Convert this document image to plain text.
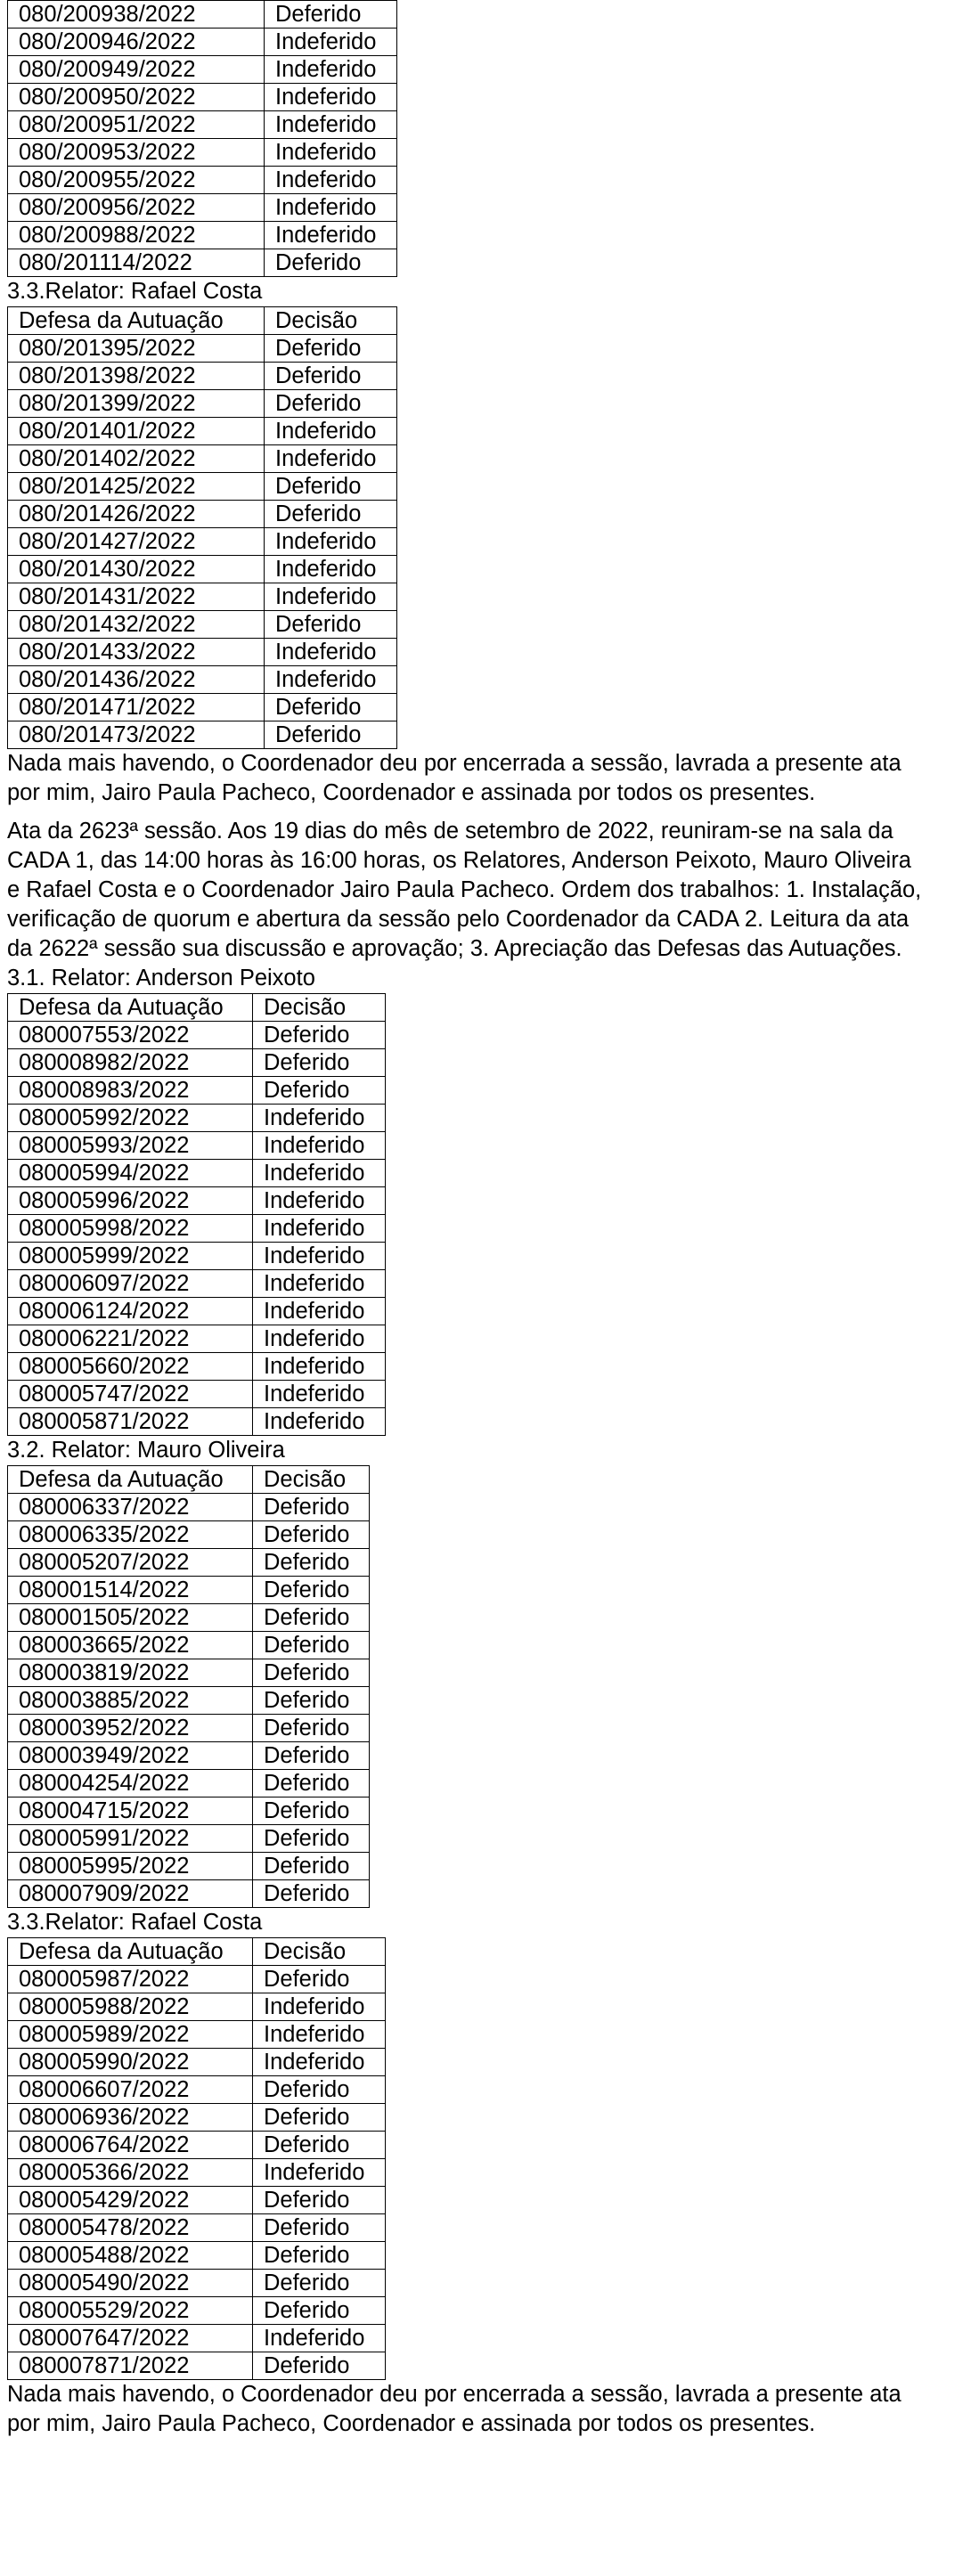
080/200938/2022	Deferido
080/200946/2022	Indeferido
080/200949/2022	Indeferido
080/200950/2022	Indeferido
080/200951/2022	Indeferido
080/200953/2022	Indeferido
080/200955/2022	Indeferido
080/200956/2022	Indeferido
080/200988/2022	Indeferido
080/201114/2022	Deferido
3.3.Relator: Rafael Costa
Defesa da Autuação	Decisão
080/201395/2022	Deferido
080/201398/2022	Deferido
080/201399/2022	Deferido
080/201401/2022	Indeferido
080/201402/2022	Indeferido
080/201425/2022	Deferido
080/201426/2022	Deferido
080/201427/2022	Indeferido
080/201430/2022	Indeferido
080/201431/2022	Indeferido
080/201432/2022	Deferido
080/201433/2022	Indeferido
080/201436/2022	Indeferido
080/201471/2022	Deferido
080/201473/2022	Deferido
Nada mais havendo, o Coordenador deu por encerrada a sessão, lavrada a presente ata
por mim, Jairo Paula Pacheco, Coordenador e assinada por todos os presentes.
Ata da 2623ª sessão. Aos 19 dias do mês de setembro de 2022, reuniram-se na sala da
CADA 1, das 14:00 horas às 16:00 horas, os Relatores, Anderson Peixoto, Mauro Oliveira
e Rafael Costa e o Coordenador Jairo Paula Pacheco. Ordem dos trabalhos: 1. Instalação,
verificação de quorum e abertura da sessão pelo Coordenador da CADA 2. Leitura da ata
da 2622ª sessão sua discussão e aprovação; 3. Apreciação das Defesas das Autuações.
3.1. Relator: Anderson Peixoto
Defesa da Autuação	Decisão
080007553/2022	Deferido
080008982/2022	Deferido
080008983/2022	Deferido
080005992/2022	Indeferido
080005993/2022	Indeferido
080005994/2022	Indeferido
080005996/2022	Indeferido
080005998/2022	Indeferido
080005999/2022	Indeferido
080006097/2022	Indeferido
080006124/2022	Indeferido
080006221/2022	Indeferido
080005660/2022	Indeferido
080005747/2022	Indeferido
080005871/2022	Indeferido
3.2. Relator: Mauro Oliveira
Defesa da Autuação	Decisão
080006337/2022	Deferido
080006335/2022	Deferido
080005207/2022	Deferido
080001514/2022	Deferido
080001505/2022	Deferido
080003665/2022	Deferido
080003819/2022	Deferido
080003885/2022	Deferido
080003952/2022	Deferido
080003949/2022	Deferido
080004254/2022	Deferido
080004715/2022	Deferido
080005991/2022	Deferido
080005995/2022	Deferido
080007909/2022	Deferido
3.3.Relator: Rafael Costa
Defesa da Autuação	Decisão
080005987/2022	Deferido
080005988/2022	Indeferido
080005989/2022	Indeferido
080005990/2022	Indeferido
080006607/2022	Deferido
080006936/2022	Deferido
080006764/2022	Deferido
080005366/2022	Indeferido
080005429/2022	Deferido
080005478/2022	Deferido
080005488/2022	Deferido
080005490/2022	Deferido
080005529/2022	Deferido
080007647/2022	Indeferido
080007871/2022	Deferido
Nada mais havendo, o Coordenador deu por encerrada a sessão, lavrada a presente ata
por mim, Jairo Paula Pacheco, Coordenador e assinada por todos os presentes.
